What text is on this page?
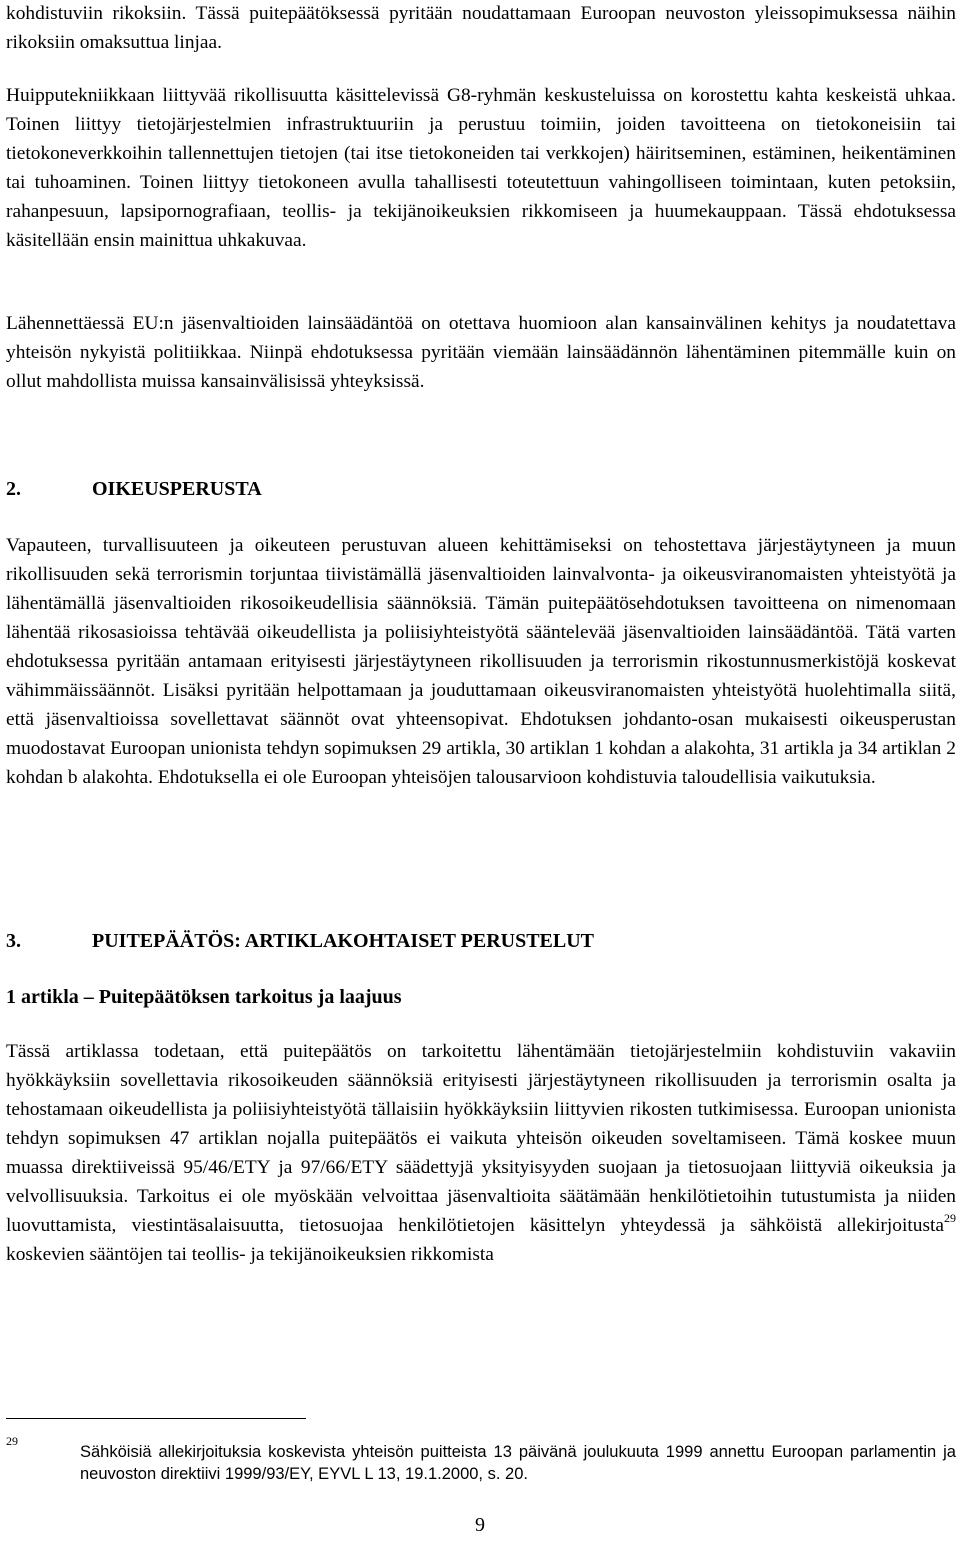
kohdistuviin rikoksiin. Tässä puitepäätöksessä pyritään noudattamaan Euroopan neuvoston yleissopimuksessa näihin rikoksiin omaksuttua linjaa.

Huipputekniikkaan liittyvää rikollisuutta käsittelevissä G8-ryhmän keskusteluissa on korostettu kahta keskeistä uhkaa. Toinen liittyy tietojärjestelmien infrastruktuuriin ja perustuu toimiin, joiden tavoitteena on tietokoneisiin tai tietokoneverkkoihin tallennettujen tietojen (tai itse tietokoneiden tai verkkojen) häiritseminen, estäminen, heikentäminen tai tuhoaminen. Toinen liittyy tietokoneen avulla tahallisesti toteutettuun vahingolliseen toimintaan, kuten petoksiin, rahanpesuun, lapsipornografiaan, teollis- ja tekijänoikeuksien rikkomiseen ja huumekauppaan. Tässä ehdotuksessa käsitellään ensin mainittua uhkakuvaa.

Lähennettäessä EU:n jäsenvaltioiden lainsäädäntöä on otettava huomioon alan kansainvälinen kehitys ja noudatettava yhteisön nykyistä politiikkaa. Niinpä ehdotuksessa pyritään viemään lainsäädännön lähentäminen pitemmälle kuin on ollut mahdollista muissa kansainvälisissä yhteyksissä.

2.	OIKEUSPERUSTA

Vapauteen, turvallisuuteen ja oikeuteen perustuvan alueen kehittämiseksi on tehostettava järjestäytyneen ja muun rikollisuuden sekä terrorismin torjuntaa tiivistämällä jäsenvaltioiden lainvalvonta- ja oikeusviranomaisten yhteistyötä ja lähentämällä jäsenvaltioiden rikosoikeudellisia säännöksiä. Tämän puitepäätösehdotuksen tavoitteena on nimenomaan lähentää rikosasioissa tehtävää oikeudellista ja poliisiyhteistyötä sääntelevää jäsenvaltioiden lainsäädäntöä. Tätä varten ehdotuksessa pyritään antamaan erityisesti järjestäytyneen rikollisuuden ja terrorismin rikostunnusmerkistöjä koskevat vähimmäissäännöt. Lisäksi pyritään helpottamaan ja jouduttamaan oikeusviranomaisten yhteistyötä huolehtimalla siitä, että jäsenvaltioissa sovellettavat säännöt ovat yhteensopivat. Ehdotuksen johdanto-osan mukaisesti oikeusperustan muodostavat Euroopan unionista tehdyn sopimuksen 29 artikla, 30 artiklan 1 kohdan a alakohta, 31 artikla ja 34 artiklan 2 kohdan b alakohta. Ehdotuksella ei ole Euroopan yhteisöjen talousarvioon kohdistuvia taloudellisia vaikutuksia.

3.	PUITEPÄÄTÖS: ARTIKLAKOHTAISET PERUSTELUT
1 artikla – Puitepäätöksen tarkoitus ja laajuus

Tässä artiklassa todetaan, että puitepäätös on tarkoitettu lähentämään tietojärjestelmiin kohdistuviin vakaviin hyökkäyksiin sovellettavia rikosoikeuden säännöksiä erityisesti järjestäytyneen rikollisuuden ja terrorismin osalta ja tehostamaan oikeudellista ja poliisiyhteistyötä tällaisiin hyökkäyksiin liittyvien rikosten tutkimisessa. Euroopan unionista tehdyn sopimuksen 47 artiklan nojalla puitepäätös ei vaikuta yhteisön oikeuden soveltamiseen. Tämä koskee muun muassa direktiiveissä 95/46/ETY ja 97/66/ETY säädettyjä yksityisyyden suojaan ja tietosuojaan liittyviä oikeuksia ja velvollisuuksia. Tarkoitus ei ole myöskään velvoittaa jäsenvaltioita säätämään henkilötietoihin tutustumista ja niiden luovuttamista, viestintäsalaisuutta, tietosuojaa henkilötietojen käsittelyn yhteydessä ja sähköistä allekirjoitusta$^{29}$ koskevien sääntöjen tai teollis- ja tekijänoikeuksien rikkomista

29

Sähköisiä allekirjoituksia koskevista yhteisön puitteista 13 päivänä joulukuuta 1999 annettu Euroopan parlamentin ja neuvoston direktiivi 1999/93/EY, EYVL L 13, 19.1.2000, s. 20.

9
